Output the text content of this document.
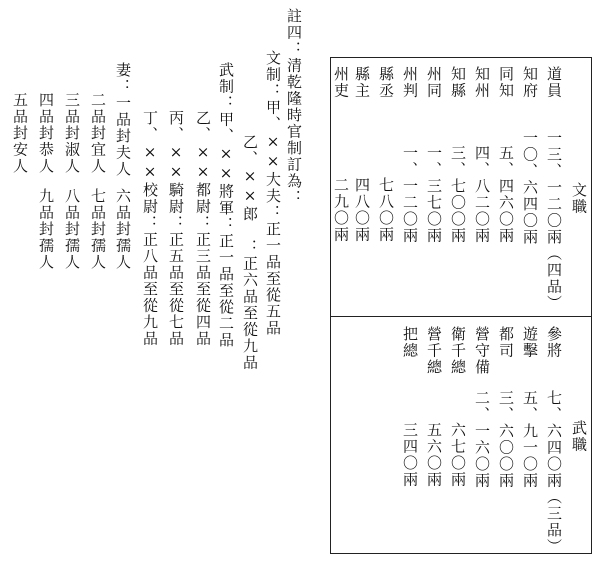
註四：清乾隆時官制訂為：
文制：甲、××大夫：正一品至從五品
乙、××郎　：正六品至從九品
武制：甲、××將軍：正一品至從二品
乙、××都尉：正三品至從四品
丙、××騎尉：正五品至從七品
丁、××校尉：正八品至從九品
妻：一品封夫人
六品封孺人
二品封宜人
七品封孺人
三品封淑人
八品封孺人
四品封恭人
九品封孺人
五品封安人
文職
武職
道員
一三、一二〇兩（四品）
知府
一〇、六四〇兩
同知
五、四六〇兩
知州
四、八二〇兩
知縣
三、七〇〇兩
州同
一、三七〇兩
州判
一、一二〇兩
縣丞
七八〇兩
縣主
四八〇兩
州吏
二九〇兩
參將
七、六四〇兩（三品）
遊擊
五、九一〇兩
都司
三、六〇〇兩
營守備
二、一六〇兩
衛千總
六七〇兩
營千總
五六〇兩
把總
三四〇兩
